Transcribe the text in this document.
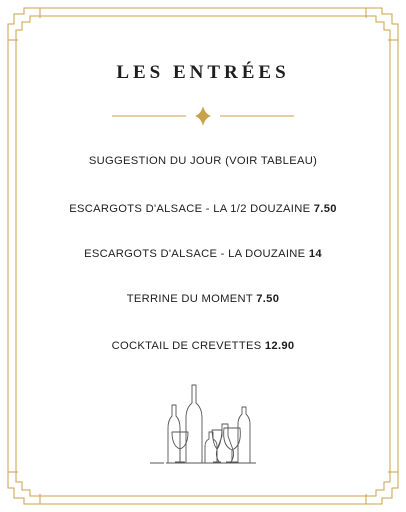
LES ENTRÉES
SUGGESTION DU JOUR (VOIR TABLEAU)
ESCARGOTS D'ALSACE - LA 1/2 DOUZAINE 7.50
ESCARGOTS D'ALSACE - LA DOUZAINE 14
TERRINE DU MOMENT 7.50
COCKTAIL DE CREVETTES 12.90
